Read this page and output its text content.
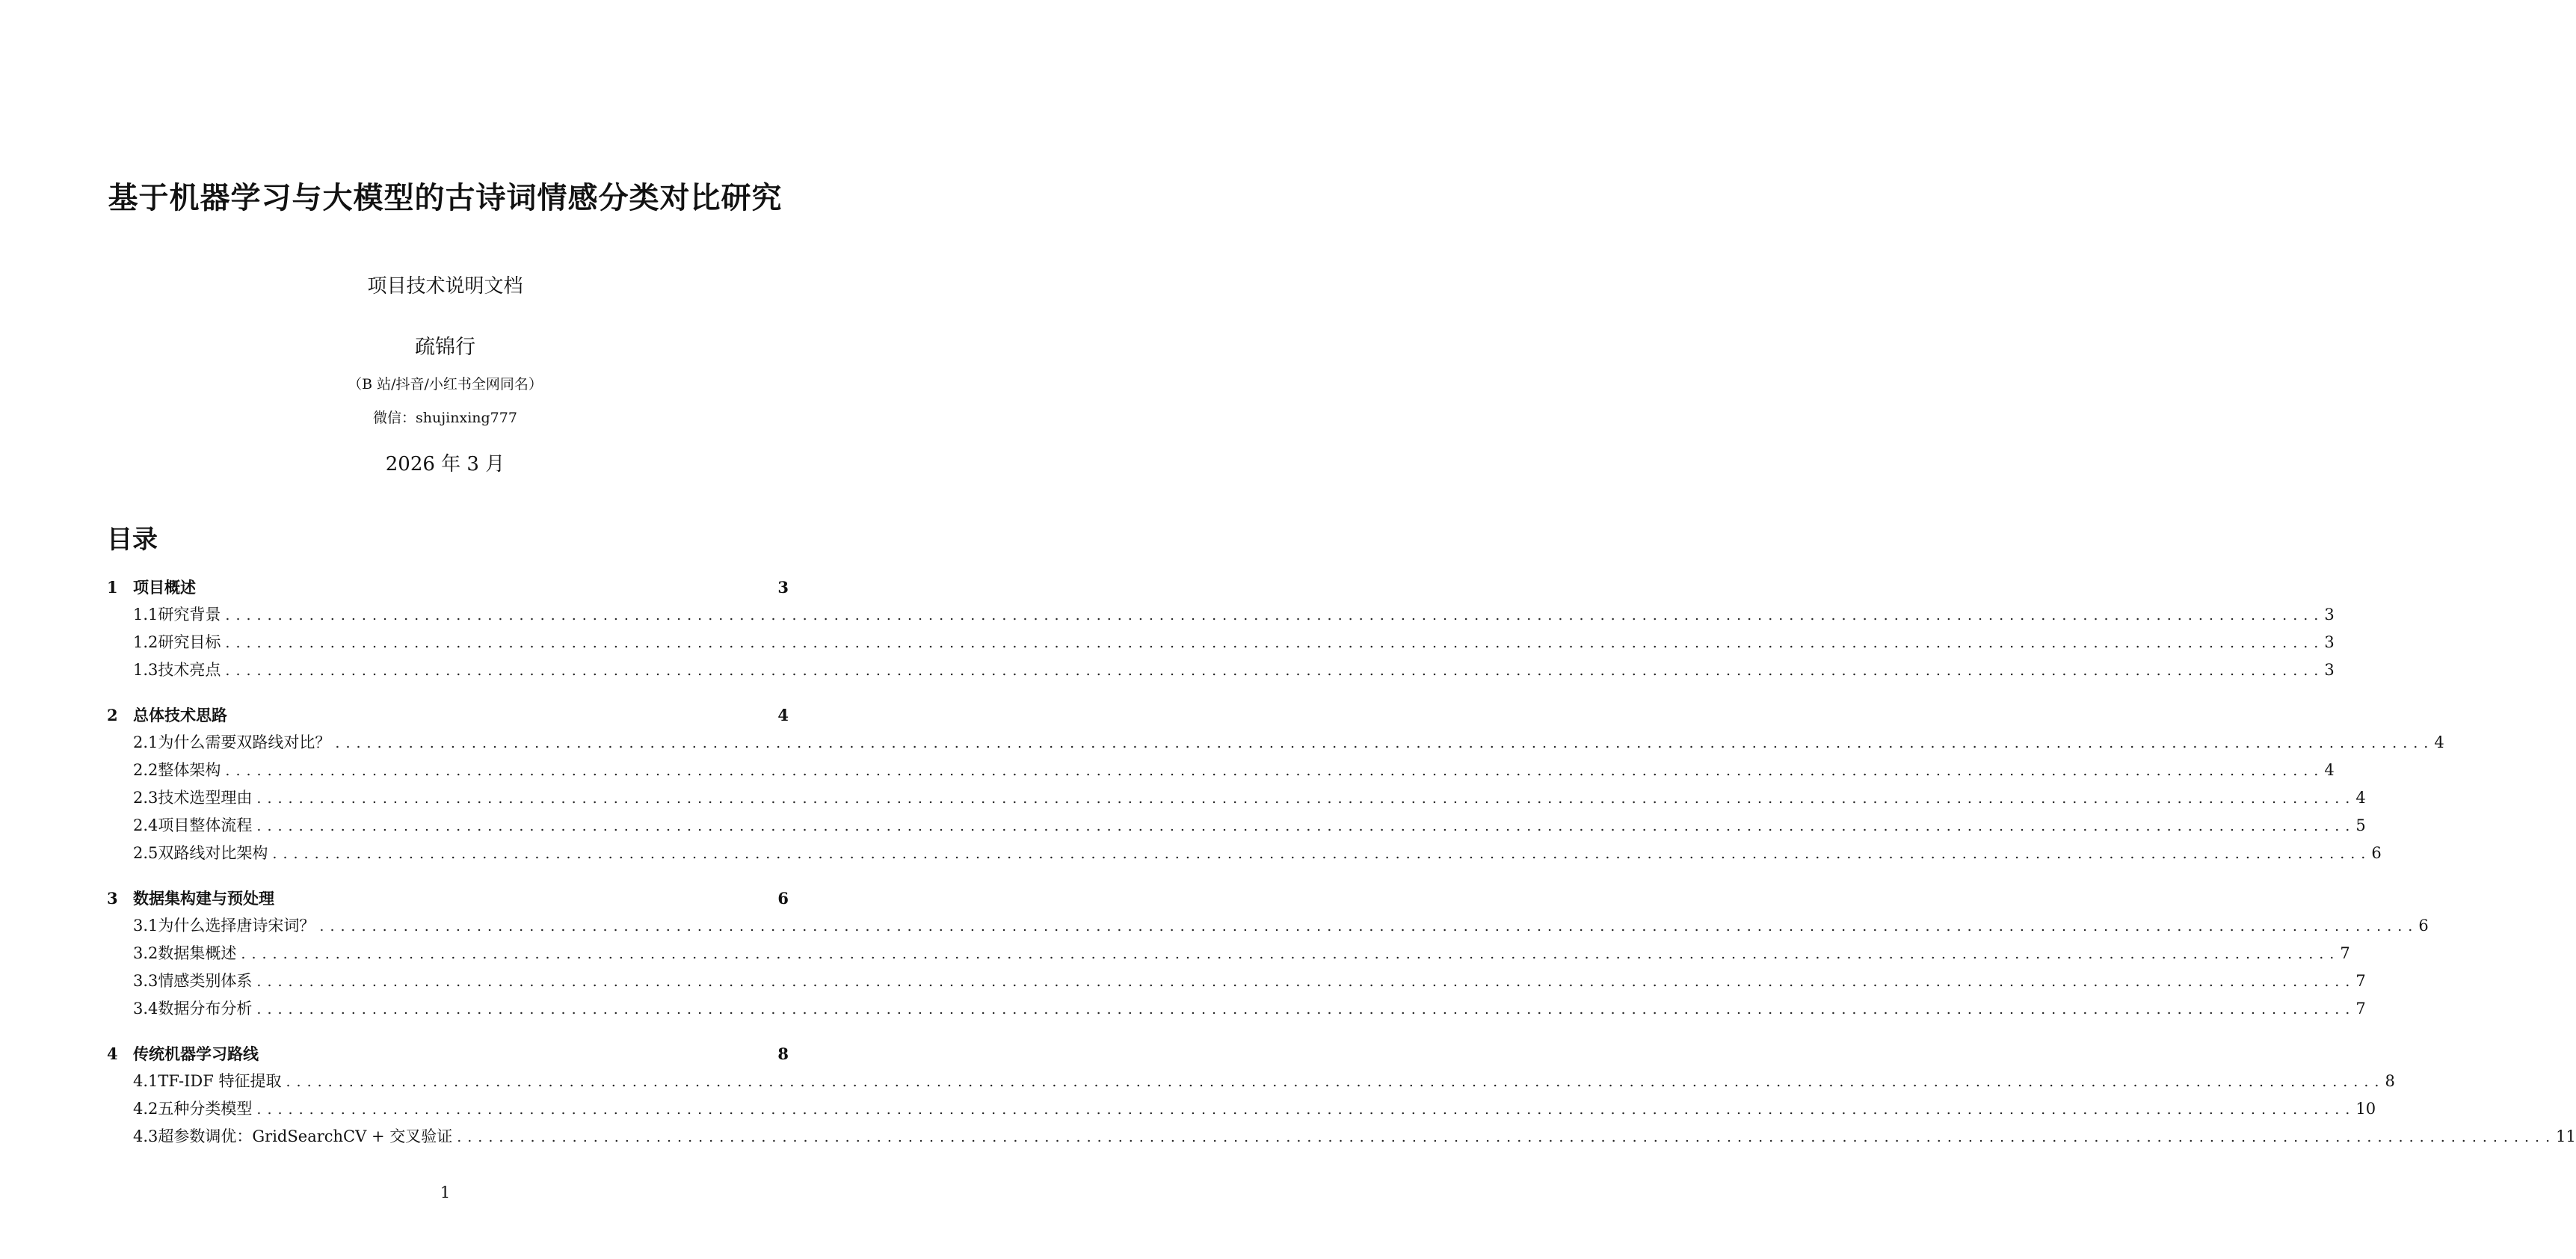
基于机器学习与大模型的古诗词情感分类对比研究
项目技术说明文档
疏锦行
（B 站/抖音/小红书全网同名）
微信：shujinxing777
2026 年 3 月
目录
1 项目概述	3
1.1 研究背景 ........................................................................................................................................................................................................ 3
1.2 研究目标 ........................................................................................................................................................................................................ 3
1.3 技术亮点 ........................................................................................................................................................................................................ 3
2 总体技术思路	4
2.1 为什么需要双路线对比？ ........................................................................................................................................................................................................ 4
2.2 整体架构 ........................................................................................................................................................................................................ 4
2.3 技术选型理由 ........................................................................................................................................................................................................ 4
2.4 项目整体流程 ........................................................................................................................................................................................................ 5
2.5 双路线对比架构 ........................................................................................................................................................................................................ 6
3 数据集构建与预处理	6
3.1 为什么选择唐诗宋词？ ........................................................................................................................................................................................................ 6
3.2 数据集概述 ........................................................................................................................................................................................................ 7
3.3 情感类别体系 ........................................................................................................................................................................................................ 7
3.4 数据分布分析 ........................................................................................................................................................................................................ 7
4 传统机器学习路线	8
4.1 TF-IDF 特征提取 ........................................................................................................................................................................................................ 8
4.2 五种分类模型 ........................................................................................................................................................................................................ 10
4.3 超参数调优：GridSearchCV + 交叉验证 ........................................................................................................................................................................................................ 11
1
